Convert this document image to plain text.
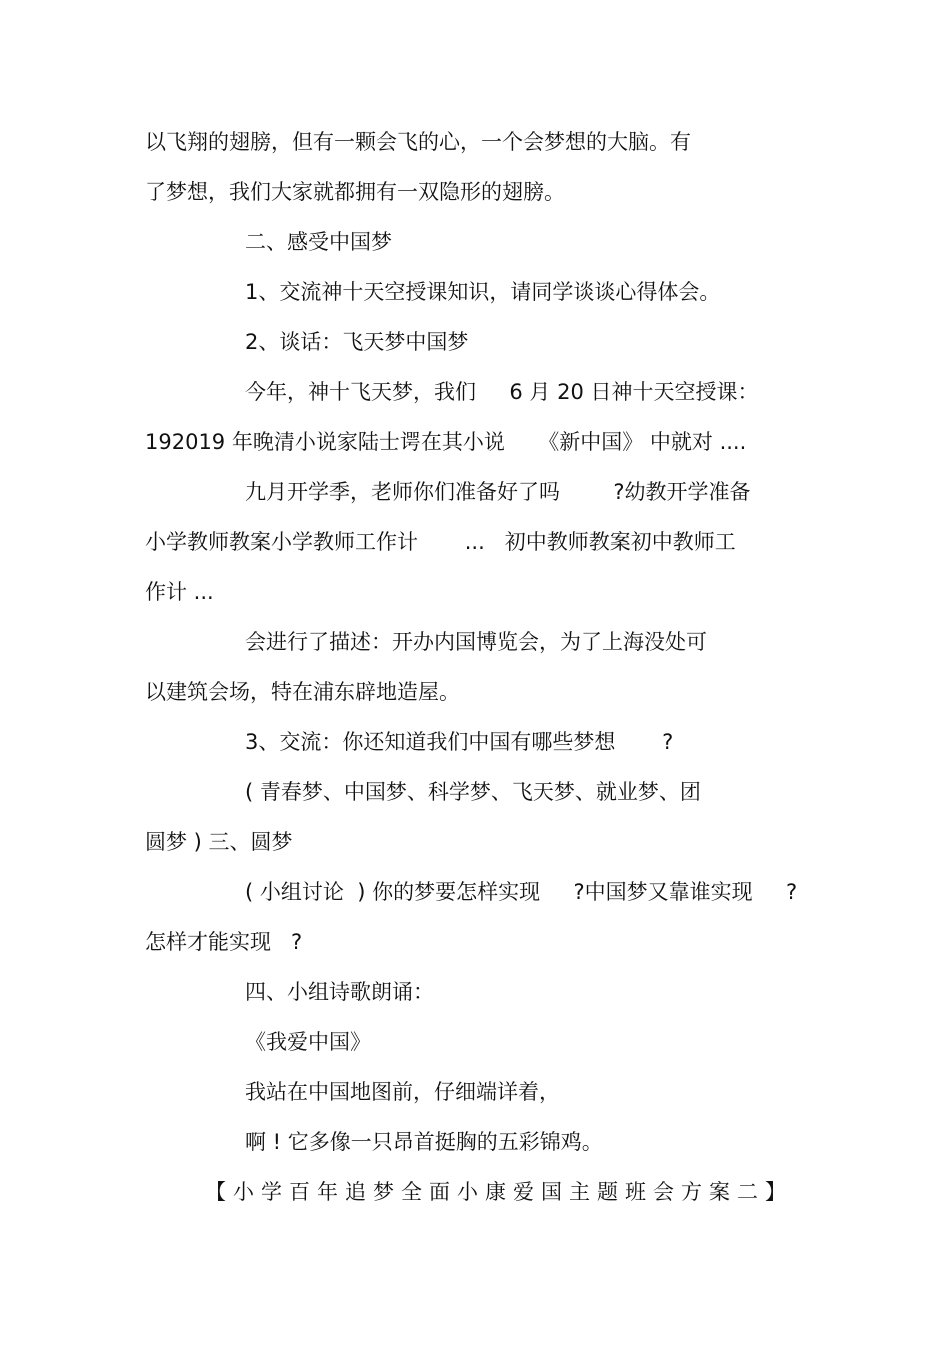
以飞翔的翅膀，但有一颗会飞的心，一个会梦想的大脑。有
了梦想，我们大家就都拥有一双隐形的翅膀。
二、感受中国梦
1、交流神十天空授课知识，请同学谈谈心得体会。
2、谈话：飞天梦中国梦
今年，神十飞天梦，我们     6 月 20 日神十天空授课：
192019 年晚清小说家陆士谔在其小说     《新中国》 中就对 ....
九月开学季，老师你们准备好了吗        ?幼教开学准备
小学教师教案小学教师工作计       ...   初中教师教案初中教师工
作计 ...
会进行了描述：开办内国博览会，为了上海没处可
以建筑会场，特在浦东辟地造屋。
3、交流：你还知道我们中国有哪些梦想       ?
( 青春梦、中国梦、科学梦、飞天梦、就业梦、团
圆梦 ) 三、圆梦
( 小组讨论  ) 你的梦要怎样实现     ?中国梦又靠谁实现     ?
怎样才能实现   ?
四、小组诗歌朗诵：
《我爱中国》
我站在中国地图前，仔细端详着，
啊 ! 它多像一只昂首挺胸的五彩锦鸡。
【小学百年追梦全面小康爱国主题班会方案二】
